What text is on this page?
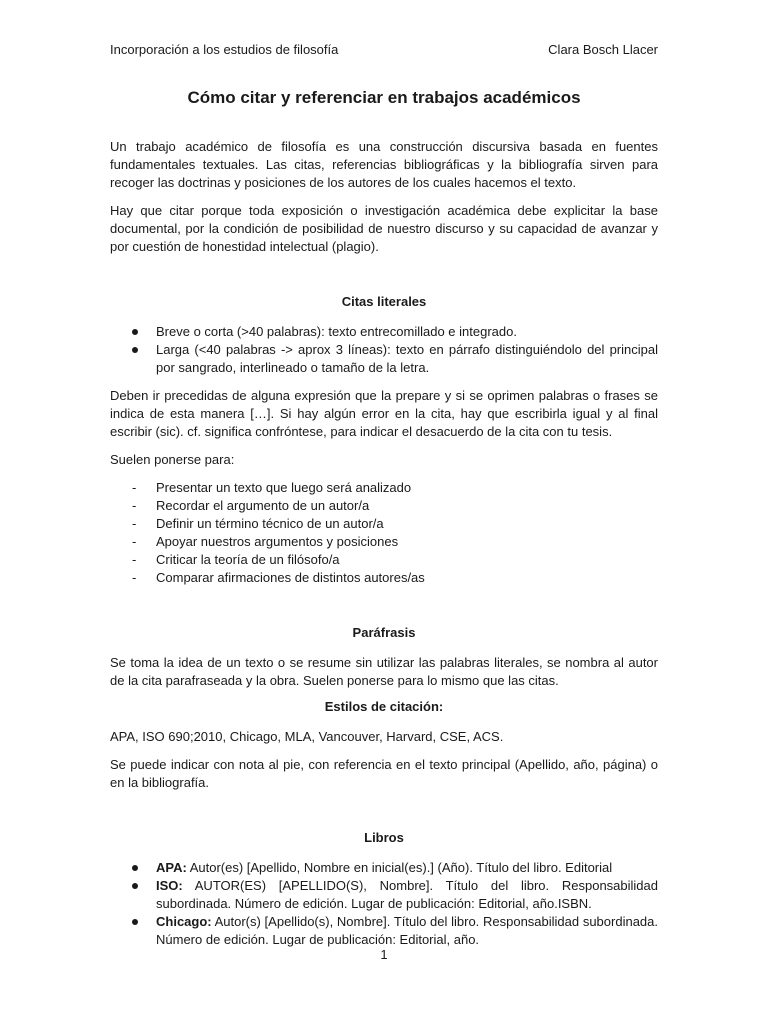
Incorporación a los estudios de filosofía	Clara Bosch Llacer
Cómo citar y referenciar en trabajos académicos

Un trabajo académico de filosofía es una construcción discursiva basada en fuentes fundamentales textuales. Las citas, referencias bibliográficas y la bibliografía sirven para recoger las doctrinas y posiciones de los autores de los cuales hacemos el texto.

Hay que citar porque toda exposición o investigación académica debe explicitar la base documental, por la condición de posibilidad de nuestro discurso y su capacidad de avanzar y por cuestión de honestidad intelectual (plagio).

Citas literales
Breve o corta (>40 palabras): texto entrecomillado e integrado.
Larga (<40 palabras -> aprox 3 líneas): texto en párrafo distinguiéndolo del principal por sangrado, interlineado o tamaño de la letra.

Deben ir precedidas de alguna expresión que la prepare y si se oprimen palabras o frases se indica de esta manera […]. Si hay algún error en la cita, hay que escribirla igual y al final escribir (sic). cf. significa confróntese, para indicar el desacuerdo de la cita con tu tesis.

Suelen ponerse para:

- Presentar un texto que luego será analizado
- Recordar el argumento de un autor/a
- Definir un término técnico de un autor/a
- Apoyar nuestros argumentos y posiciones
- Criticar la teoría de un filósofo/a
- Comparar afirmaciones de distintos autores/as
Paráfrasis

Se toma la idea de un texto o se resume sin utilizar las palabras literales, se nombra al autor de la cita parafraseada y la obra. Suelen ponerse para lo mismo que las citas.

Estilos de citación:

APA, ISO 690;2010, Chicago, MLA, Vancouver, Harvard, CSE, ACS.

Se puede indicar con nota al pie, con referencia en el texto principal (Apellido, año, página) o en la bibliografía.

Libros
APA: Autor(es) [Apellido, Nombre en inicial(es).] (Año). Título del libro. Editorial
ISO: AUTOR(ES) [APELLIDO(S), Nombre]. Título del libro. Responsabilidad subordinada. Número de edición. Lugar de publicación: Editorial, año.ISBN.
Chicago: Autor(s) [Apellido(s), Nombre]. Título del libro. Responsabilidad subordinada. Número de edición. Lugar de publicación: Editorial, año.
1
